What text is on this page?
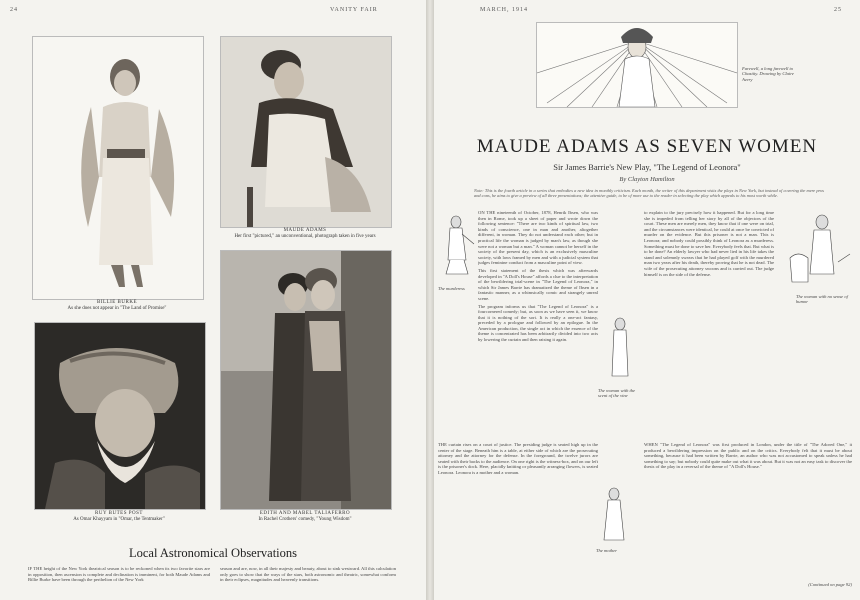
24	VANITY FAIR
BILLIE BURKE
As she does not appear in "The Land of Promise"
MAUDE ADAMS
Her first "pictured," an unconventional, photograph taken in five years
RUY BUTES POST
As Omar Khayyam in "Omar, the Tentmaker"
EDITH AND MABEL TALIAFERRO
In Rachel Crothers' comedy, "Young Wisdom"
Local Astronomical Observations
IF THE height of the New York theatrical season is to be reckoned when its two favorite stars are in opposition, then ascension is complete and declination is imminent, for both Maude Adams and Billie Burke have been through the perihelion of the New York
season and are, now, in all their majesty and beauty, about to sink westward. All this calculation only goes to show that the ways of the stars, both astronomic and theatric, somewhat conform in their eclipses, magnitudes and heavenly transitions.
MARCH, 1914	25
Farewell, a long farewell to Chastity. Drawing by Claire Avery
MAUDE ADAMS AS SEVEN WOMEN
Sir James Barrie's New Play, "The Legend of Leonora"
By Clayton Hamilton
Note: This is the fourth article in a series that embodies a new idea in monthly criticism. Each month, the writer of this department visits the plays in New York, but instead of covering the mere pros and cons, he aims to give a preview of all three presentations; the attentive guide, to be of more use to the reader in selecting the play which appeals to his most worth while.
The murderess

ON THE nineteenth of October, 1878, Henrik Ibsen, who was then in Rome, took up a sheet of paper and wrote down the following sentence: "There are two kinds of spiritual law, two kinds of conscience, one in man and another, altogether different, in woman. They do not understand each other; but in practical life the woman is judged by man's law, as though she were not a woman but a man." A woman cannot be herself in the society of the present day, which is an exclusively masculine society, with laws framed by men and with a judicial system that judges feminine conduct from a masculine point of view.

This first statement of the thesis which was afterwards developed in "A Doll's House" affords a clue to the interpretation of the bewildering trial-scene in "The Legend of Leonora," in which Sir James Barrie has dramatized the theme of Ibsen in a fantastic manner, as a whimsically comic and strangely unreal scene.

The program informs us that "The Legend of Leonora" is a fourcornered comedy; but, as soon as we have seen it, we know that it is nothing of the sort. It is really a one-act fantasy, preceded by a prologue and followed by an epilogue. In the American production, the single act in which the essence of the theme is concentrated has been arbitrarily divided into two acts by lowering the curtain and then raising it again.

THE curtain rises on a court of justice. The presiding judge is seated high up in the center of the stage. Beneath him is a table, at either side of which are the prosecuting attorney and the attorney for the defense. In the foreground, the twelve jurors are seated with their backs to the audience. On one right is the witness-box, and on our left is the prisoner's dock. Here, placidly knitting or pleasantly arranging flowers, is seated Leonora. Leonora is a mother and a woman.
The woman with the scent of the vine
to explain to the jury precisely how it happened. But for a long time she is impeded from telling her story by all of the objectors of the court. These men are merely men, they know that if one were on trial, and the circumstances were identical, he could at once be convicted of murder on the evidence. But this prisoner is not a man. This is Leonora; and nobody could possibly think of Leonora as a murderess. Something must be done to save her. Everybody feels that. But what is to be done? An elderly lawyer who had never lied in his life takes the stand and solemnly swears that he had played golf with the murdered man two years after his death, thereby proving that he is not dead. The wife of the prosecuting attorney swoons and is carried out. The judge himself is on the side of the defense.
WHEN "The Legend of Leonora" was first produced in London, under the title of "The Adored One," it produced a bewildering impression on the public and on the critics. Everybody felt that it must be about something, because it had been written by Barrie, an author who was not accustomed to speak unless he had something to say; but nobody could quite make out what it was about. But it was not an easy task to discover the thesis of the play in a reversal of the theme of "A Doll's House."
(Continued on page 92)
The woman with no sense of humor
The mother
